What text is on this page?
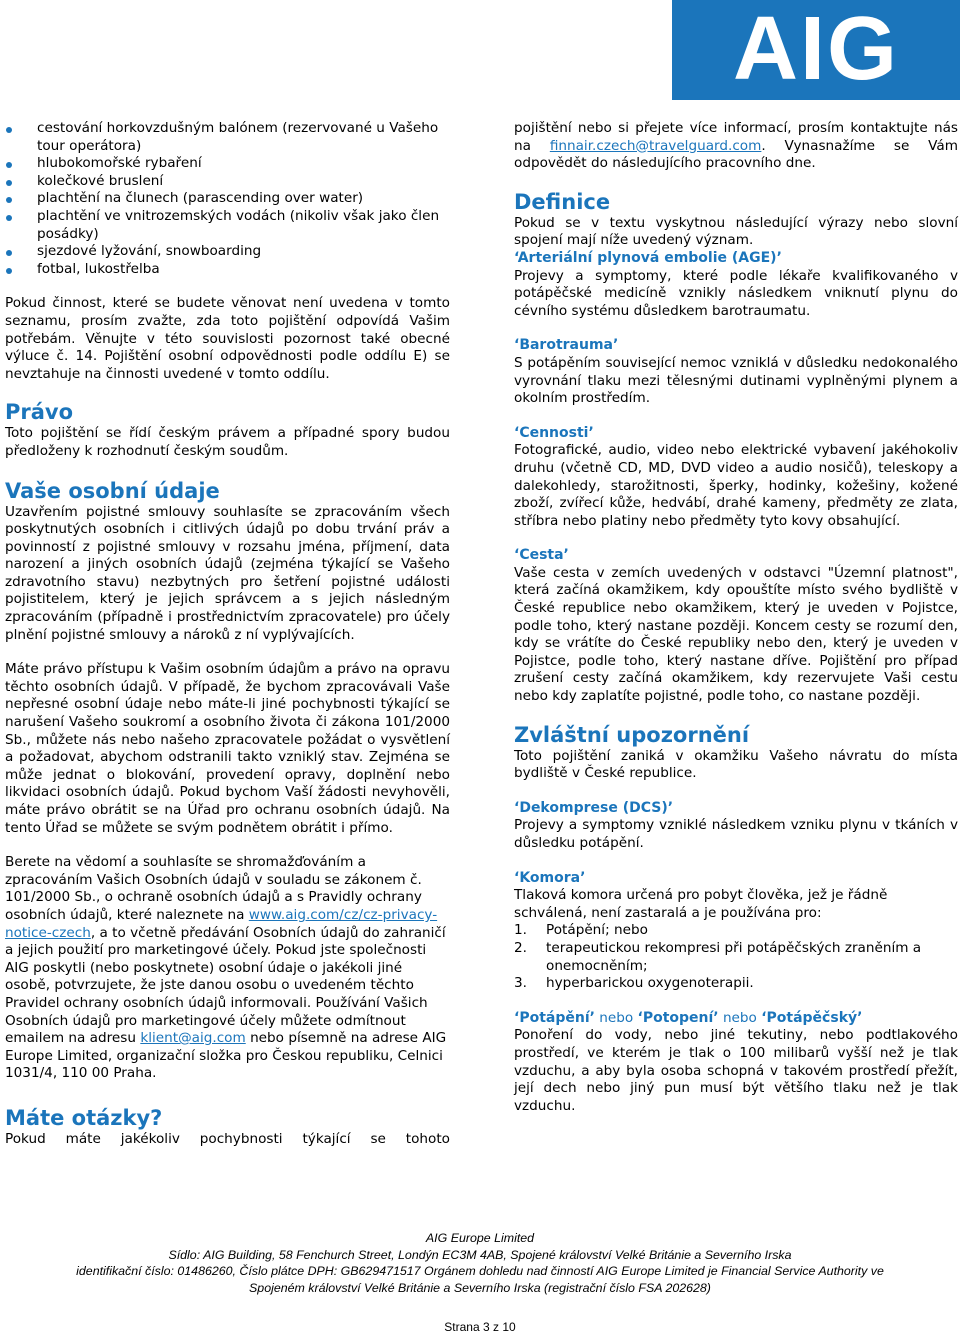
AIG
cestování horkovzdušným balónem (rezervované u Vašeho tour operátora)
hlubokomořské rybaření
kolečkové bruslení
plachtění na člunech (parascending over water)
plachtění ve vnitrozemských vodách (nikoliv však jako člen posádky)
sjezdové lyžování, snowboarding
fotbal, lukostřelba

Pokud činnost, které se budete věnovat není uvedena v tomto seznamu, prosím zvažte, zda toto pojištění odpovídá Vašim potřebám. Věnujte v této souvislosti pozornost také obecné výluce č. 14. Pojištění osobní odpovědnosti podle oddílu E) se nevztahuje na činnosti uvedené v tomto oddílu.

Právo

Toto pojištění se řídí českým právem a případné spory budou předloženy k rozhodnutí českým soudům.

Vaše osobní údaje

Uzavřením pojistné smlouvy souhlasíte se zpracováním všech poskytnutých osobních i citlivých údajů po dobu trvání práv a povinností z pojistné smlouvy v rozsahu jména, příjmení, data narození a jiných osobních údajů (zejména týkající se Vašeho zdravotního stavu) nezbytných pro šetření pojistné události pojistitelem, který je jejich správcem a s jejich následným zpracováním (případně i prostřednictvím zpracovatele) pro účely plnění pojistné smlouvy a nároků z ní vyplývajících.

Máte právo přístupu k Vašim osobním údajům a právo na opravu těchto osobních údajů. V případě, že bychom zpracovávali Vaše nepřesné osobní údaje nebo máte-li jiné pochybnosti týkající se narušení Vašeho soukromí a osobního života či zákona 101/2000 Sb., můžete nás nebo našeho zpracovatele požádat o vysvětlení a požadovat, abychom odstranili takto vzniklý stav. Zejména se může jednat o blokování, provedení opravy, doplnění nebo likvidaci osobních údajů. Pokud bychom Vaší žádosti nevyhověli, máte právo obrátit se na Úřad pro ochranu osobních údajů. Na tento Úřad se můžete se svým podnětem obrátit i přímo.

Berete na vědomí a souhlasíte se shromažďováním a zpracováním Vašich Osobních údajů v souladu se zákonem č. 101/2000 Sb., o ochraně osobních údajů a s Pravidly ochrany osobních údajů, které naleznete na www.aig.com/cz/cz-privacy-notice-czech, a to včetně předávání Osobních údajů do zahraničí a jejich použití pro marketingové účely. Pokud jste společnosti AIG poskytli (nebo poskytnete) osobní údaje o jakékoli jiné osobě, potvrzujete, že jste danou osobu o uvedeném těchto Pravidel ochrany osobních údajů informovali. Používání Vašich Osobních údajů pro marketingové účely můžete odmítnout emailem na adresu klient@aig.com nebo písemně na adrese AIG Europe Limited, organizační složka pro Českou republiku, Celnici 1031/4, 110 00 Praha.

Máte otázky?

Pokud máte jakékoliv pochybnosti týkající se tohoto

pojištění nebo si přejete více informací, prosím kontaktujte nás na finnair.czech@travelguard.com. Vynasnažíme se Vám odpovědět do následujícího pracovního dne.

Definice

Pokud se v textu vyskytnou následující výrazy nebo slovní spojení mají níže uvedený význam.

‘Arteriální plynová embolie (AGE)’

Projevy a symptomy, které podle lékaře kvalifikovaného v potápěčské medicíně vznikly následkem vniknutí plynu do cévního systému důsledkem barotraumatu.

‘Barotrauma’

S potápěním související nemoc vzniklá v důsledku nedokonalého vyrovnání tlaku mezi tělesnými dutinami vyplněnými plynem a okolním prostředím.

‘Cennosti’

Fotografické, audio, video nebo elektrické vybavení jakéhokoliv druhu (včetně CD, MD, DVD video a audio nosičů), teleskopy a dalekohledy, starožitnosti, šperky, hodinky, kožešiny, kožené zboží, zvířecí kůže, hedvábí, drahé kameny, předměty ze zlata, stříbra nebo platiny nebo předměty tyto kovy obsahující.

‘Cesta’

Vaše cesta v zemích uvedených v odstavci "Územní platnost", která začíná okamžikem, kdy opouštíte místo svého bydliště v České republice nebo okamžikem, který je uveden v Pojistce, podle toho, který nastane později. Koncem cesty se rozumí den, kdy se vrátíte do České republiky nebo den, který je uveden v Pojistce, podle toho, který nastane dříve. Pojištění pro případ zrušení cesty začíná okamžikem, kdy rezervujete Vaši cestu nebo kdy zaplatíte pojistné, podle toho, co nastane později.

Zvláštní upozornění

Toto pojištění zaniká v okamžiku Vašeho návratu do místa bydliště v České republice.

‘Dekomprese (DCS)’

Projevy a symptomy vzniklé následkem vzniku plynu v tkáních v důsledku potápění.

‘Komora’

Tlaková komora určená pro pobyt člověka, jež je řádně schválená, není zastaralá a je používána pro:

1. Potápění; nebo
2. terapeutickou rekompresi při potápěčských zraněním a onemocněním;
3. hyperbarickou oxygenoterapii.
‘Potápění’ nebo ‘Potopení’ nebo ‘Potápěčský’

Ponoření do vody, nebo jiné tekutiny, nebo podtlakového prostředí, ve kterém je tlak o 100 milibarů vyšší než je tlak vzduchu, a aby byla osoba schopná v takovém prostředí přežít, její dech nebo jiný pun musí být většího tlaku než je tlak vzduchu.

AIG Europe Limited
Sídlo: AIG Building, 58 Fenchurch Street, Londýn EC3M 4AB, Spojené království Velké Británie a Severního Irska
identifikační číslo: 01486260, Číslo plátce DPH: GB629471517 Orgánem dohledu nad činností AIG Europe Limited je Financial Service Authority ve
Spojeném království Velké Británie a Severního Irska (registrační číslo FSA 202628)
Strana 3 z 10
